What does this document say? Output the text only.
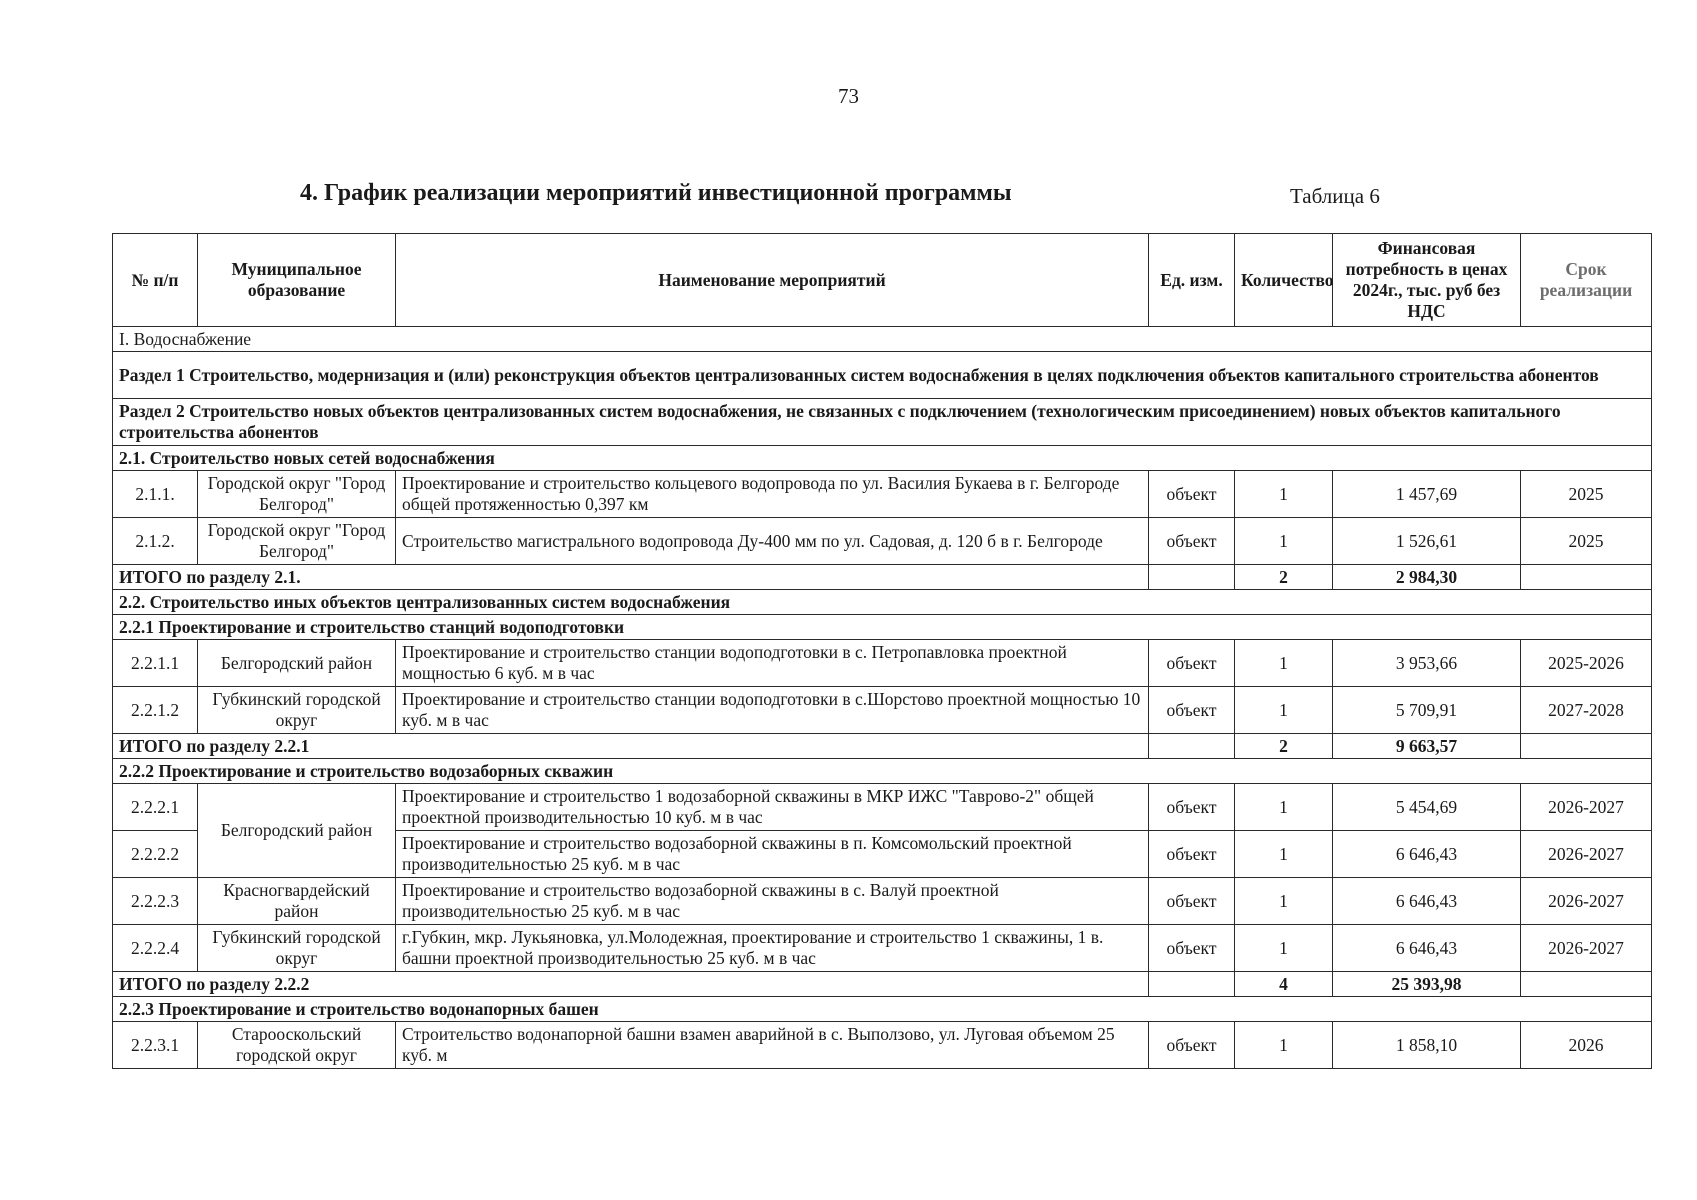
73
4. График реализации мероприятий инвестиционной программы	Таблица 6
№ п/п	Муниципальное образование	Наименование мероприятий	Ед. изм.	Количество	Финансовая потребность в ценах 2024г., тыс. руб без НДС	Срок реализации
I. Водоснабжение						
Раздел 1 Строительство, модернизация и (или) реконструкция объектов централизованных систем водоснабжения в целях подключения объектов капитального строительства абонентов						
Раздел 2 Строительство новых объектов централизованных систем водоснабжения, не связанных с подключением (технологическим присоединением) новых объектов капитального строительства абонентов						
2.1. Строительство новых сетей водоснабжения						
2.1.1.	Городской округ "Город Белгород"	Проектирование и строительство кольцевого водопровода по ул. Василия Букаева в г. Белгороде общей протяженностью 0,397 км	объект	1	1 457,69	2025
2.1.2.	Городской округ "Город Белгород"	Строительство магистрального водопровода Ду-400 мм по ул. Садовая, д. 120 б в г. Белгороде	объект	1	1 526,61	2025
ИТОГО по разделу 2.1.				2	2 984,30	
2.2. Строительство иных объектов централизованных систем водоснабжения						
2.2.1 Проектирование и строительство станций водоподготовки						
2.2.1.1	Белгородский район	Проектирование и строительство станции водоподготовки в с. Петропавловка проектной мощностью 6 куб. м в час	объект	1	3 953,66	2025-2026
2.2.1.2	Губкинский городской округ	Проектирование и строительство станции водоподготовки в с.Шорстово проектной мощностью 10 куб. м в час	объект	1	5 709,91	2027-2028
ИТОГО по разделу 2.2.1				2	9 663,57	
2.2.2 Проектирование и строительство водозаборных скважин						
2.2.2.1	Белгородский район	Проектирование и строительство 1 водозаборной скважины в МКР ИЖС "Таврово-2" общей проектной производительностью 10 куб. м в час	объект	1	5 454,69	2026-2027
2.2.2.2		Проектирование и строительство водозаборной скважины в п. Комсомольский проектной производительностью 25 куб. м в час	объект	1	6 646,43	2026-2027
2.2.2.3	Красногвардейский район	Проектирование и строительство водозаборной скважины в с. Валуй проектной производительностью 25 куб. м в час	объект	1	6 646,43	2026-2027
2.2.2.4	Губкинский городской округ	г.Губкин, мкр. Лукьяновка, ул.Молодежная, проектирование и строительство 1 скважины, 1 в. башни проектной производительностью 25 куб. м в час	объект	1	6 646,43	2026-2027
ИТОГО по разделу 2.2.2				4	25 393,98	
2.2.3 Проектирование и строительство водонапорных башен						
2.2.3.1	Старооскольский городской округ	Строительство водонапорной башни взамен аварийной в с. Выползово, ул. Луговая объемом 25 куб. м	объект	1	1 858,10	2026
